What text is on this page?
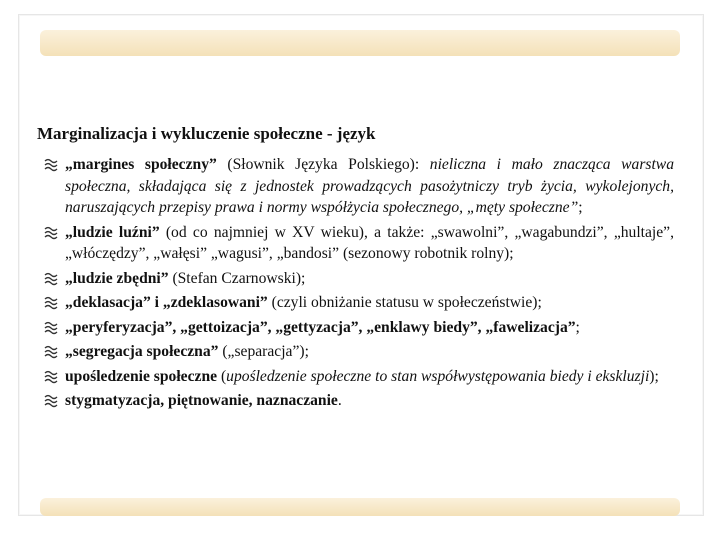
Marginalizacja i wykluczenie społeczne - język
„margines społeczny” (Słownik Języka Polskiego): nieliczna i mało znacząca warstwa społeczna, składająca się z jednostek prowadzących pasożytniczy tryb życia, wykolejonych, naruszających przepisy prawa i normy współżycia społecznego, „męty społeczne”;
„ludzie luźni” (od co najmniej w XV wieku), a także: „swawolni”, „wagabundzi”, „hultaje”, „włóczędzy”, „wałęsi” „wagusi”, „bandosi” (sezonowy robotnik rolny);
„ludzie zbędni” (Stefan Czarnowski);
„deklasacja” i „zdeklasowani” (czyli obniżanie statusu w społeczeństwie);
„peryferyzacja”, „gettoizacja”, „gettyzacja”, „enklawy biedy”, „fawelizacja”;
„segregacja społeczna” („separacja”);
upośledzenie społeczne (upośledzenie społeczne to stan współwystępowania biedy i ekskluzji);
stygmatyzacja, piętnowanie, naznaczanie.
